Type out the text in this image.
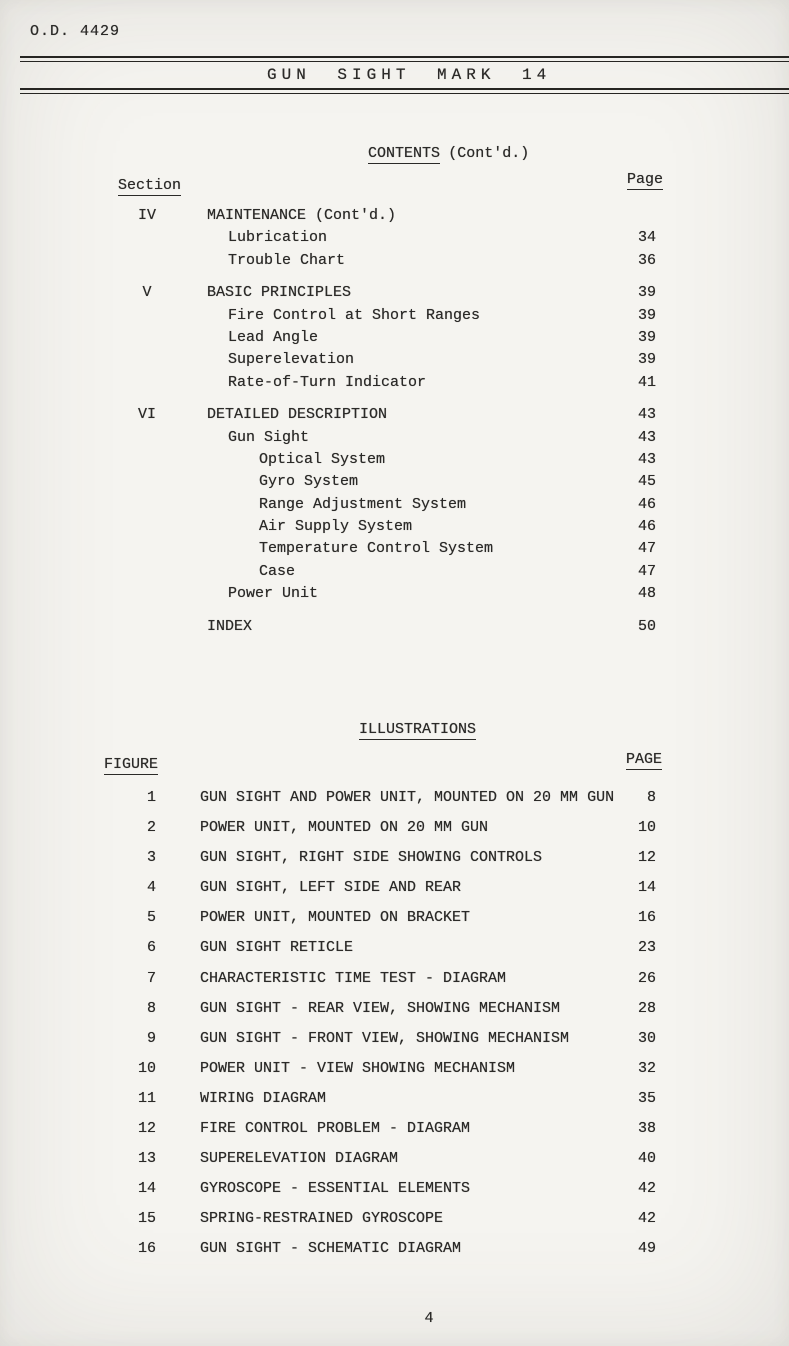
O.D. 4429
GUN SIGHT MARK 14
CONTENTS (Cont'd.)
Section	Page
IV	MAINTENANCE (Cont'd.)
Lubrication	34
Trouble Chart	36
V	BASIC PRINCIPLES	39
Fire Control at Short Ranges	39
Lead Angle	39
Superelevation	39
Rate-of-Turn Indicator	41
VI	DETAILED DESCRIPTION	43
Gun Sight	43
Optical System	43
Gyro System	45
Range Adjustment System	46
Air Supply System	46
Temperature Control System	47
Case	47
Power Unit	48
INDEX	50
ILLUSTRATIONS
FIGURE	PAGE
1	GUN SIGHT AND POWER UNIT, MOUNTED ON 20 MM GUN	8
2	POWER UNIT, MOUNTED ON 20 MM GUN	10
3	GUN SIGHT, RIGHT SIDE SHOWING CONTROLS	12
4	GUN SIGHT, LEFT SIDE AND REAR	14
5	POWER UNIT, MOUNTED ON BRACKET	16
6	GUN SIGHT RETICLE	23
7	CHARACTERISTIC TIME TEST - DIAGRAM	26
8	GUN SIGHT - REAR VIEW, SHOWING MECHANISM	28
9	GUN SIGHT - FRONT VIEW, SHOWING MECHANISM	30
10	POWER UNIT - VIEW SHOWING MECHANISM	32
11	WIRING DIAGRAM	35
12	FIRE CONTROL PROBLEM - DIAGRAM	38
13	SUPERELEVATION DIAGRAM	40
14	GYROSCOPE - ESSENTIAL ELEMENTS	42
15	SPRING-RESTRAINED GYROSCOPE	42
16	GUN SIGHT - SCHEMATIC DIAGRAM	49
4
